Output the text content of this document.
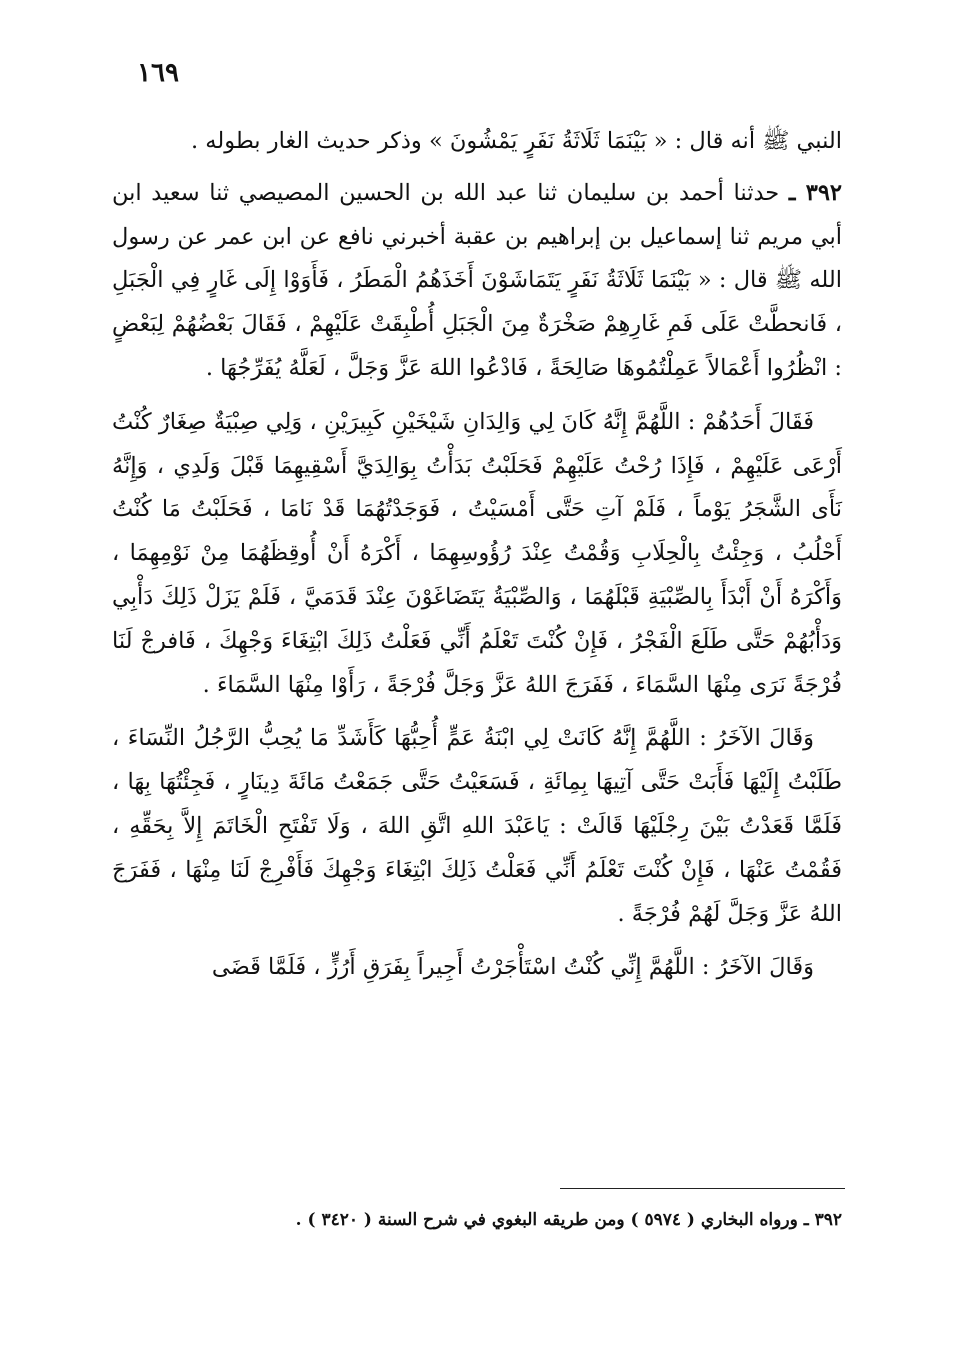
١٦٩

النبي ﷺ أنه قال : « بَيْنَمَا ثَلَاثَةُ نَفَرٍ يَمْشُونَ » وذكر حديث الغار بطوله .

٣٩٢ ـ حدثنا أحمد بن سليمان ثنا عبد الله بن الحسين المصيصي ثنا سعيد ابن أبي مريم ثنا إسماعيل بن إبراهيم بن عقبة أخبرني نافع عن ابن عمر عن رسول الله ﷺ قال : « بَيْنَمَا ثَلَاثَةُ نَفَرٍ يَتَمَاشَوْنَ أَخَذَهُمُ الْمَطَرُ ، فَأَوَوْا إِلَى غَارٍ فِي الْجَبَلِ ، فَانحطَّتْ عَلَى فَمِ غَارِهِمْ صَخْرَةٌ مِنَ الْجَبَلِ أُطْبِقَتْ عَلَيْهِمْ ، فَقَالَ بَعْضُهُمْ لِبَعْضٍ : انْظُرُوا أَعْمَالاً عَمِلْتُمُوهَا صَالِحَةً ، فَادْعُوا اللهَ عَزَّ وَجَلَّ ، لَعَلَّهُ يُفَرِّجُهَا .

فَقَالَ أَحَدُهُمْ : اللَّهُمَّ إِنَّهُ كَانَ لِي وَالِدَانِ شَيْخَيْنِ كَبِيرَيْنِ ، وَلِي صِبْيَةٌ صِغَارٌ كُنْتُ أَرْعَى عَلَيْهِمْ ، فَإِذَا رُحْتُ عَلَيْهِمْ فَحَلَبْتُ بَدَأْتُ بِوَالِدَيَّ أَسْقِيهِمَا قَبْلَ وَلَدِي ، وَإِنَّهُ نَأَى الشَّجَرُ يَوْماً ، فَلَمْ آتِ حَتَّى أَمْسَيْتُ ، فَوَجَدْتُهُمَا قَدْ نَامَا ، فَحَلَبْتُ مَا كُنْتُ أَحْلُبُ ، وَجِئْتُ بِالْحِلَابِ وَقُمْتُ عِنْدَ رُؤُوسِهِمَا ، أَكْرَهُ أَنْ أُوقِظَهُمَا مِنْ نَوْمِهِمَا ، وَأَكْرَهُ أَنْ أَبْدَأَ بِالصِّبْيَةِ قَبْلَهُمَا ، وَالصِّبْيَةُ يَتَضَاغَوْنَ عِنْدَ قَدَمَيَّ ، فَلَمْ يَزَلْ ذَلِكَ دَأْبِي وَدَأْبُهُمْ حَتَّى طَلَعَ الْفَجْرُ ، فَإِنْ كُنْتَ تَعْلَمُ أَنِّي فَعَلْتُ ذَلِكَ ابْتِغَاءَ وَجْهِكَ ، فَافرجْ لَنَا فُرْجَةً نَرَى مِنْهَا السَّمَاءَ ، فَفَرَجَ اللهُ عَزَّ وَجَلَّ فُرْجَةً ، رَأَوْا مِنْهَا السَّمَاءَ .

وَقَالَ الآخَرُ : اللَّهُمَّ إِنَّهُ كَانَتْ لِي ابْنَةُ عَمٍّ أُحِبُّهَا كَأَشَدِّ مَا يُحِبُّ الرَّجُلُ النِّسَاءَ ، طَلَبْتُ إِلَيْهَا فَأَبَتْ حَتَّى آتِيهَا بِمِائَةِ ، فَسَعَيْتُ حَتَّى جَمَعْتُ مَائَةَ دِينَارٍ ، فَجِئْتُهَا بِهَا ، فَلَمَّا قَعَدْتُ بَيْنَ رِجْلَيْهَا قَالَتْ : يَاعَبْدَ اللهِ اتَّقِ اللهَ ، وَلَا تَفْتَحِ الْخَاتَمَ إِلاَّ بِحَقِّهِ ، فَقُمْتُ عَنْهَا ، فَإِنْ كُنْتَ تَعْلَمُ أَنِّي فَعَلْتُ ذَلِكَ ابْتِغَاءَ وَجْهِكَ فَأَفْرِجْ لَنَا مِنْهَا ، فَفَرَجَ اللهُ عَزَّ وَجَلَّ لَهُمْ فُرْجَةً .

وَقَالَ الآخَرُ : اللَّهُمَّ إِنِّي كُنْتُ اسْتَأْجَرْتُ أَجِيراً بِفَرَقِ أَرُزٍّ ، فَلَمَّا قَضَى

٣٩٢ ـ ورواه البخاري ( ٥٩٧٤ ) ومن طريقه البغوي في شرح السنة ( ٣٤٢٠ ) .
